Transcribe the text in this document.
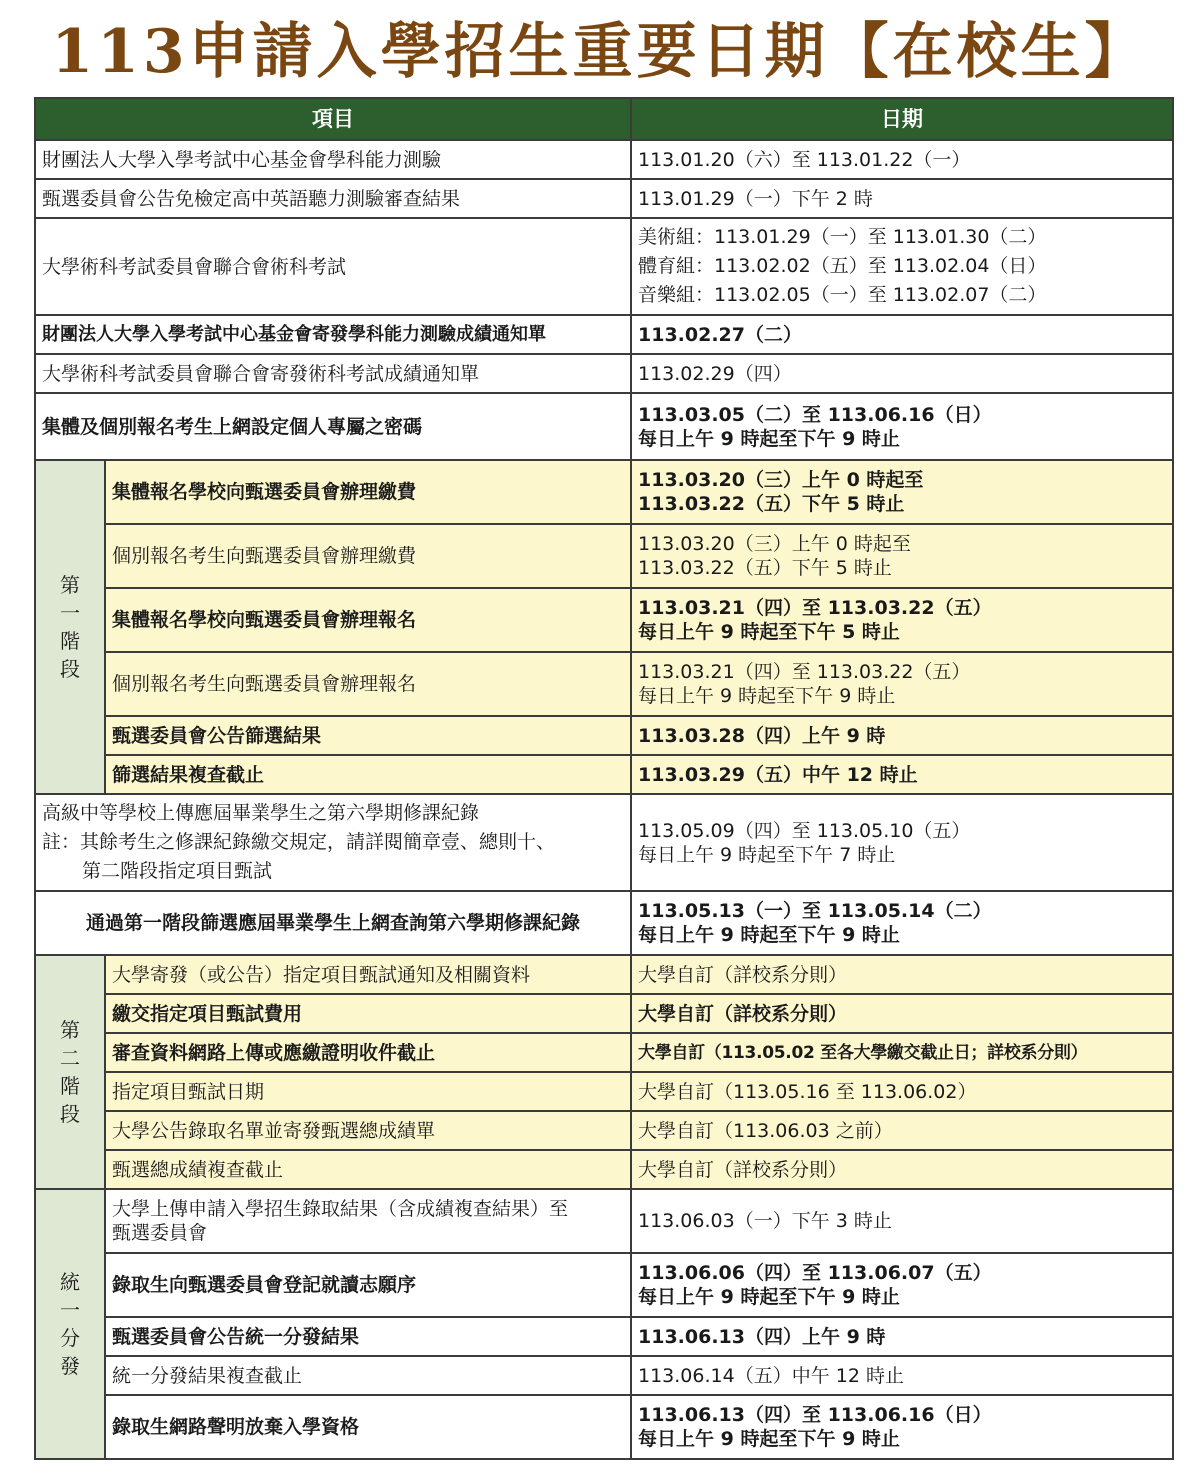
113申請入學招生重要日期【在校生】
項目		日期
財團法人大學入學考試中心基金會學科能力測驗		113.01.20（六）至 113.01.22（一）

甄選委員會公告免檢定高中英語聽力測驗審查結果		113.01.29（一）下午 2 時

大學術科考試委員會聯合會術科考試		美術組：113.01.29（一）至 113.01.30（二）
體育組：113.02.02（五）至 113.02.04（日）
音樂組：113.02.05（一）至 113.02.07（二）

財團法人大學入學考試中心基金會寄發學科能力測驗成績通知單		113.02.27（二）

大學術科考試委員會聯合會寄發術科考試成績通知單		113.02.29（四）

集體及個別報名考生上網設定個人專屬之密碼		113.03.05（二）至 113.06.16（日）
每日上午 9 時起至下午 9 時止

第一階段	集體報名學校向甄選委員會辦理繳費	113.03.20（三）上午 0 時起至
113.03.22（五）下午 5 時止

	個別報名考生向甄選委員會辦理繳費	113.03.20（三）上午 0 時起至
113.03.22（五）下午 5 時止

	集體報名學校向甄選委員會辦理報名	113.03.21（四）至 113.03.22（五）
每日上午 9 時起至下午 5 時止

	個別報名考生向甄選委員會辦理報名	113.03.21（四）至 113.03.22（五）
每日上午 9 時起至下午 9 時止

	甄選委員會公告篩選結果	113.03.28（四）上午 9 時

	篩選結果複查截止	113.03.29（五）中午 12 時止

高級中等學校上傳應屆畢業學生之第六學期修課紀錄
註：其餘考生之修課紀錄繳交規定，請詳閱簡章壹、總則十、
第二階段指定項目甄試		113.05.09（四）至 113.05.10（五）
每日上午 9 時起至下午 7 時止

通過第一階段篩選應屆畢業學生上網查詢第六學期修課紀錄		113.05.13（一）至 113.05.14（二）
每日上午 9 時起至下午 9 時止

第二階段	大學寄發（或公告）指定項目甄試通知及相關資料	大學自訂（詳校系分則）

	繳交指定項目甄試費用	大學自訂（詳校系分則）

	審查資料網路上傳或應繳證明收件截止	大學自訂（113.05.02 至各大學繳交截止日；詳校系分則）

	指定項目甄試日期	大學自訂（113.05.16 至 113.06.02）

	大學公告錄取名單並寄發甄選總成績單	大學自訂（113.06.03 之前）

	甄選總成績複查截止	大學自訂（詳校系分則）

統一分發	大學上傳申請入學招生錄取結果（含成績複查結果）至
甄選委員會	113.06.03（一）下午 3 時止

	錄取生向甄選委員會登記就讀志願序	113.06.06（四）至 113.06.07（五）
每日上午 9 時起至下午 9 時止

	甄選委員會公告統一分發結果	113.06.13（四）上午 9 時

	統一分發結果複查截止	113.06.14（五）中午 12 時止

	錄取生網路聲明放棄入學資格	113.06.13（四）至 113.06.16（日）
每日上午 9 時起至下午 9 時止
